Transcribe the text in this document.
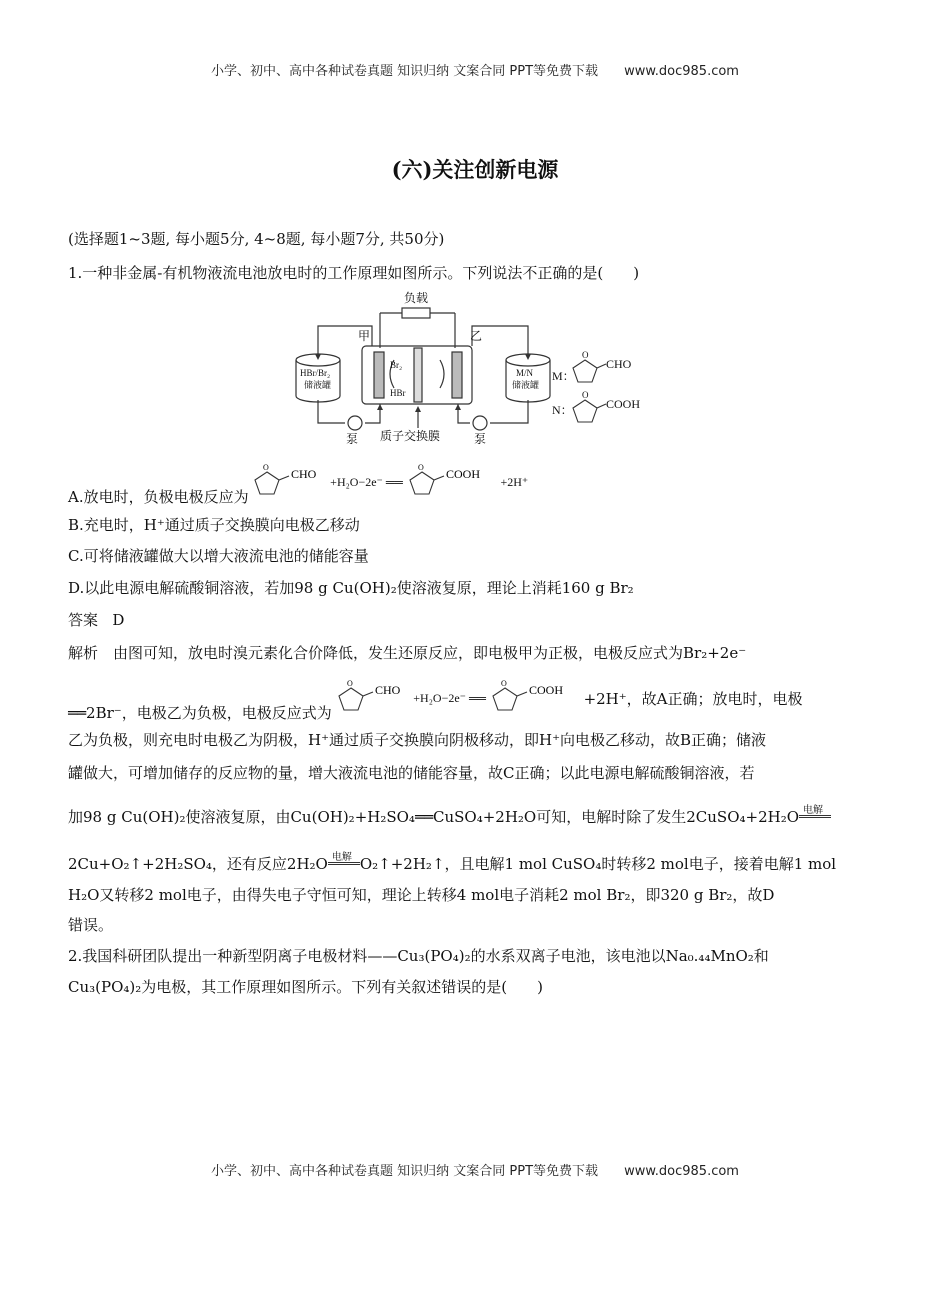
小学、初中、高中各种试卷真题 知识归纳 文案合同 PPT等免费下载 www.doc985.com
(六)关注创新电源
(选择题1~3题, 每小题5分, 4~8题, 每小题7分, 共50分)
1.一种非金属-有机物液流电池放电时的工作原理如图所示。下列说法不正确的是(　　)
负载
甲	乙
泵	泵
质子交换膜
HBr/Br₂
储液罐
M/N
储液罐
Br₂
HBr
M：
N：
CHO
COOH
O
O
A.放电时，负极电极反应为
CHO
O
+H₂O−2e⁻ ══
COOH
O
+2H⁺
B.充电时，H⁺通过质子交换膜向电极乙移动
C.可将储液罐做大以增大液流电池的储能容量
D.以此电源电解硫酸铜溶液，若加98 g Cu(OH)₂使溶液复原，理论上消耗160 g Br₂
答案 D
解析　由图可知，放电时溴元素化合价降低，发生还原反应，即电极甲为正极，电极反应式为Br₂+2e⁻
══2Br⁻，电极乙为负极，电极反应式为
CHO
O
+H₂O−2e⁻ ══
COOH
O
+2H⁺，故A正确；放电时，电极
乙为负极，则充电时电极乙为阴极，H⁺通过质子交换膜向阴极移动，即H⁺向电极乙移动，故B正确；储液
罐做大，可增加储存的反应物的量，增大液流电池的储能容量，故C正确；以此电源电解硫酸铜溶液，若
加98 g Cu(OH)₂使溶液复原，由Cu(OH)₂+H₂SO₄══CuSO₄+2H₂O可知，电解时除了发生2CuSO₄+2H₂O 电解
2Cu+O₂↑+2H₂SO₄，还有反应2H₂O 电解 O₂↑+2H₂↑，且电解1 mol CuSO₄时转移2 mol电子，接着电解1 mol
H₂O又转移2 mol电子，由得失电子守恒可知，理论上转移4 mol电子消耗2 mol Br₂，即320 g Br₂，故D
错误。
2.我国科研团队提出一种新型阴离子电极材料——Cu₃(PO₄)₂的水系双离子电池，该电池以Na₀.₄₄MnO₂和
Cu₃(PO₄)₂为电极，其工作原理如图所示。下列有关叙述错误的是(　　)
小学、初中、高中各种试卷真题 知识归纳 文案合同 PPT等免费下载 www.doc985.com
